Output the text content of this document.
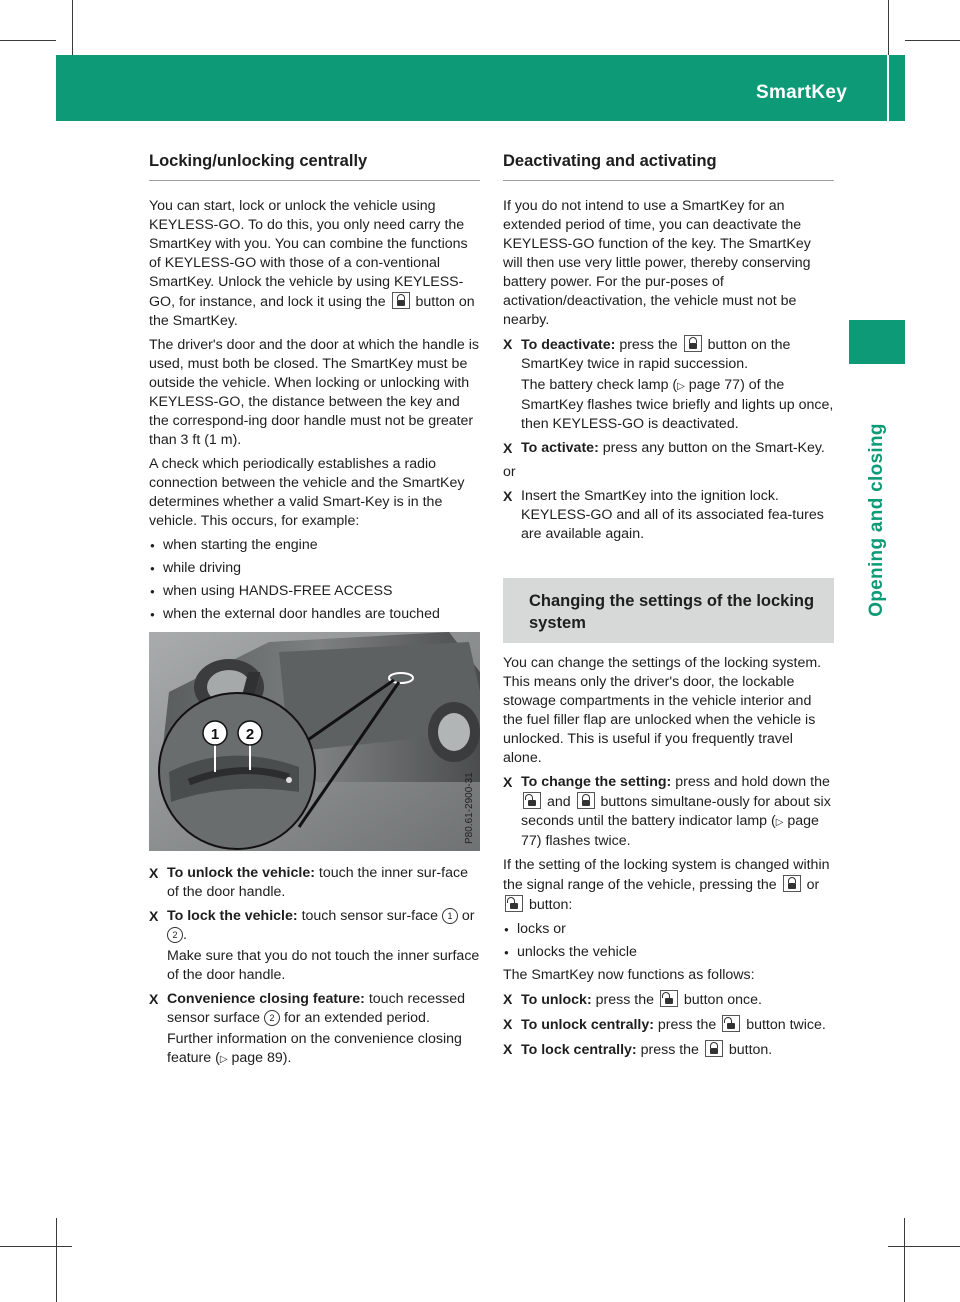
SmartKey	75
Opening and closing
Locking/unlocking centrally

You can start, lock or unlock the vehicle using KEYLESS-GO. To do this, you only need carry the SmartKey with you. You can combine the functions of KEYLESS-GO with those of a con-ventional SmartKey. Unlock the vehicle by using KEYLESS-GO, for instance, and lock it using the button on the SmartKey.

The driver's door and the door at which the handle is used, must both be closed. The SmartKey must be outside the vehicle. When locking or unlocking with KEYLESS-GO, the distance between the key and the correspond-ing door handle must not be greater than 3 ft (1 m).

A check which periodically establishes a radio connection between the vehicle and the SmartKey determines whether a valid Smart-Key is in the vehicle. This occurs, for example:

● when starting the engine
● while driving
● when using HANDS-FREE ACCESS
● when the external door handles are touched
1 2
P80.61-2900-31
X To unlock the vehicle: touch the inner sur-face of the door handle.
X To lock the vehicle: touch sensor sur-face 1 or 2 .
Make sure that you do not touch the inner surface of the door handle.
X Convenience closing feature: touch recessed sensor surface 2 for an extended period.
Further information on the convenience closing feature (▷ page 89).
Deactivating and activating

If you do not intend to use a SmartKey for an extended period of time, you can deactivate the KEYLESS-GO function of the key. The SmartKey will then use very little power, thereby conserving battery power. For the pur-poses of activation/deactivation, the vehicle must not be nearby.

X To deactivate: press the button on the SmartKey twice in rapid succession.
The battery check lamp (▷ page 77) of the SmartKey flashes twice briefly and lights up once, then KEYLESS-GO is deactivated.
X To activate: press any button on the Smart-Key.

or

X Insert the SmartKey into the ignition lock. KEYLESS-GO and all of its associated fea-tures are available again.
Changing the settings of the locking system

You can change the settings of the locking system. This means only the driver's door, the lockable stowage compartments in the vehicle interior and the fuel filler flap are unlocked when the vehicle is unlocked. This is useful if you frequently travel alone.

X To change the setting: press and hold down the  and buttons simultane-ously for about six seconds until the battery indicator lamp (▷ page 77) flashes twice.

If the setting of the locking system is changed within the signal range of the vehicle, pressing the or  button:

● locks or
● unlocks the vehicle

The SmartKey now functions as follows:

X To unlock: press the button once.
X To unlock centrally: press the button twice.
X To lock centrally: press the button.
